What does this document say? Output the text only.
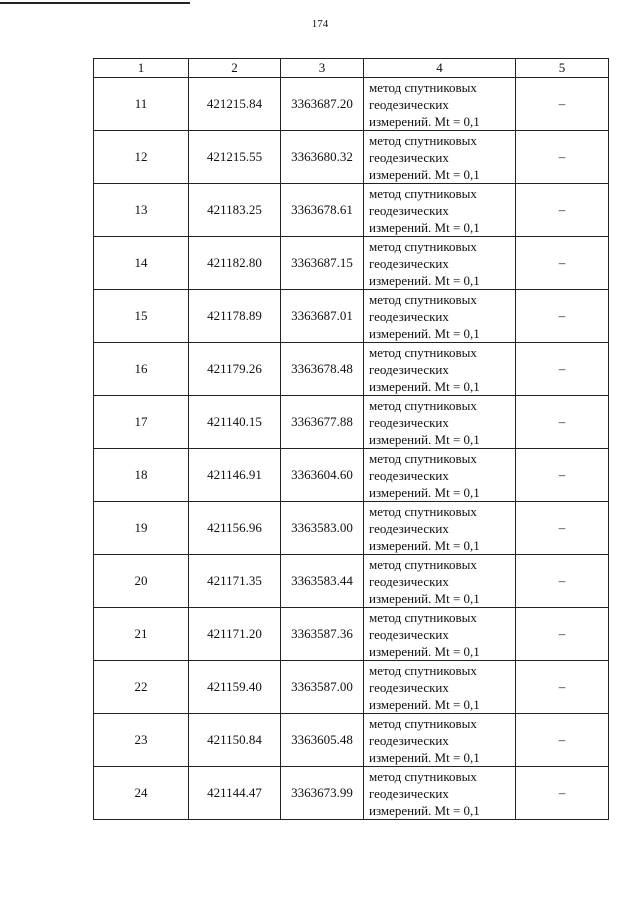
174
1	2	3	4	5
11	421215.84	3363687.20	метод спутниковых
геодезических
измерений. Mt = 0,1	–
12	421215.55	3363680.32	метод спутниковых
геодезических
измерений. Mt = 0,1	–
13	421183.25	3363678.61	метод спутниковых
геодезических
измерений. Mt = 0,1	–
14	421182.80	3363687.15	метод спутниковых
геодезических
измерений. Mt = 0,1	–
15	421178.89	3363687.01	метод спутниковых
геодезических
измерений. Mt = 0,1	–
16	421179.26	3363678.48	метод спутниковых
геодезических
измерений. Mt = 0,1	–
17	421140.15	3363677.88	метод спутниковых
геодезических
измерений. Mt = 0,1	–
18	421146.91	3363604.60	метод спутниковых
геодезических
измерений. Mt = 0,1	–
19	421156.96	3363583.00	метод спутниковых
геодезических
измерений. Mt = 0,1	–
20	421171.35	3363583.44	метод спутниковых
геодезических
измерений. Mt = 0,1	–
21	421171.20	3363587.36	метод спутниковых
геодезических
измерений. Mt = 0,1	–
22	421159.40	3363587.00	метод спутниковых
геодезических
измерений. Mt = 0,1	–
23	421150.84	3363605.48	метод спутниковых
геодезических
измерений. Mt = 0,1	–
24	421144.47	3363673.99	метод спутниковых
геодезических
измерений. Mt = 0,1	–
